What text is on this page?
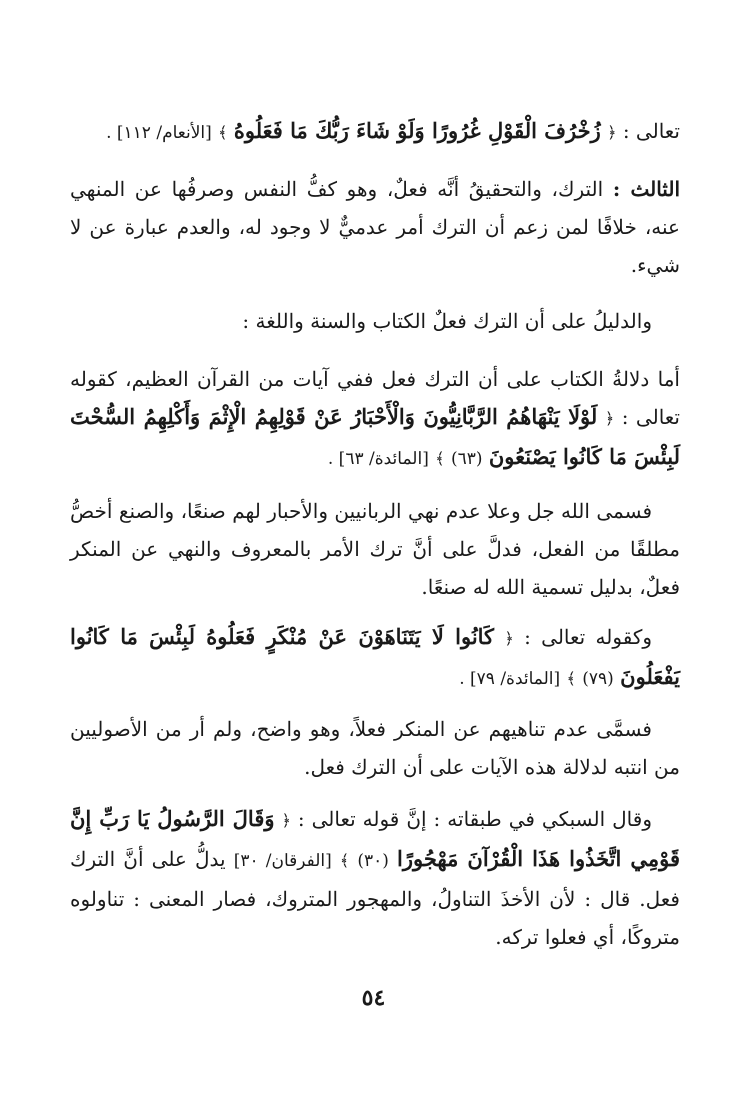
تعالى : ﴿ زُخْرُفَ الْقَوْلِ غُرُورًا وَلَوْ شَاءَ رَبُّكَ مَا فَعَلُوهُ ﴾ [الأنعام/ ١١٢] .
الثالث : الترك، والتحقيقُ أنَّه فعلٌ، وهو كفُّ النفس وصرفُها عن المنهي عنه، خلافًا لمن زعم أن الترك أمر عدميٌّ لا وجود له، والعدم عبارة عن لا شيء.
والدليلُ على أن الترك فعلٌ الكتاب والسنة واللغة :
أما دلالةُ الكتاب على أن الترك فعل ففي آيات من القرآن العظيم، كقوله تعالى : ﴿ لَوْلَا يَنْهَاهُمُ الرَّبَّانِيُّونَ وَالْأَحْبَارُ عَنْ قَوْلِهِمُ الْإِثْمَ وَأَكْلِهِمُ السُّحْتَ لَبِئْسَ مَا كَانُوا يَصْنَعُونَ (٦٣) ﴾ [المائدة/ ٦٣] .
فسمى الله جل وعلا عدم نهي الربانيين والأحبار لهم صنعًا، والصنع أخصُّ مطلقًا من الفعل، فدلَّ على أنَّ ترك الأمر بالمعروف والنهي عن المنكر فعلٌ، بدليل تسمية الله له صنعًا.
وكقوله تعالى : ﴿ كَانُوا لَا يَتَنَاهَوْنَ عَنْ مُنْكَرٍ فَعَلُوهُ لَبِئْسَ مَا كَانُوا يَفْعَلُونَ (٧٩) ﴾ [المائدة/ ٧٩] .
فسمَّى عدم تناهيهم عن المنكر فعلاً، وهو واضح، ولم أر من الأصوليين من انتبه لدلالة هذه الآيات على أن الترك فعل.
وقال السبكي في طبقاته : إنَّ قوله تعالى : ﴿ وَقَالَ الرَّسُولُ يَا رَبِّ إِنَّ قَوْمِي اتَّخَذُوا هَذَا الْقُرْآنَ مَهْجُورًا (٣٠) ﴾ [الفرقان/ ٣٠] يدلُّ على أنَّ الترك فعل. قال : لأن الأخذَ التناولُ، والمهجور المتروك، فصار المعنى : تناولوه متروكًا، أي فعلوا تركه.
٥٤
